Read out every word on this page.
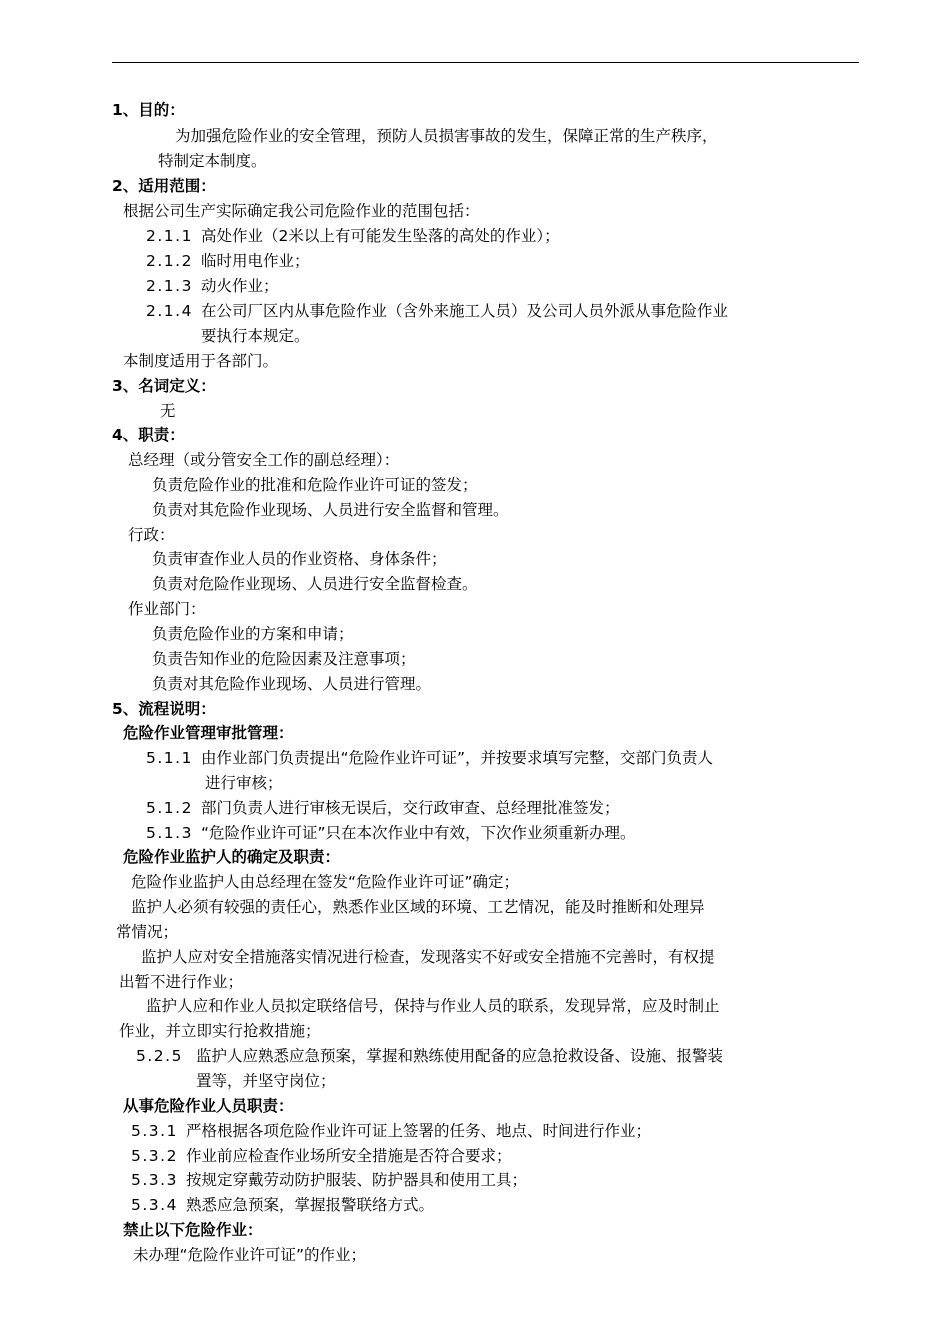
1、目的：
为加强危险作业的安全管理，预防人员损害事故的发生，保障正常的生产秩序，
特制定本制度。
2、适用范围：
根据公司生产实际确定我公司危险作业的范围包括：
2.1.1 高处作业（2米以上有可能发生坠落的高处的作业）；
2.1.2 临时用电作业；
2.1.3 动火作业；
2.1.4 在公司厂区内从事危险作业（含外来施工人员）及公司人员外派从事危险作业
要执行本规定。
本制度适用于各部门。
3、名词定义：
无
4、职责：
总经理（或分管安全工作的副总经理）：
负责危险作业的批准和危险作业许可证的签发；
负责对其危险作业现场、人员进行安全监督和管理。
行政：
负责审查作业人员的作业资格、身体条件；
负责对危险作业现场、人员进行安全监督检查。
作业部门：
负责危险作业的方案和申请；
负责告知作业的危险因素及注意事项；
负责对其危险作业现场、人员进行管理。
5、流程说明：
危险作业管理审批管理：
5.1.1 由作业部门负责提出“危险作业许可证”，并按要求填写完整，交部门负责人
进行审核；
5.1.2 部门负责人进行审核无误后，交行政审查、总经理批准签发；
5.1.3 “危险作业许可证”只在本次作业中有效，下次作业须重新办理。
危险作业监护人的确定及职责：
危险作业监护人由总经理在签发“危险作业许可证”确定；
监护人必须有较强的责任心，熟悉作业区域的环境、工艺情况，能及时推断和处理异
常情况；
监护人应对安全措施落实情况进行检查，发现落实不好或安全措施不完善时，有权提
出暂不进行作业；
监护人应和作业人员拟定联络信号，保持与作业人员的联系，发现异常，应及时制止
作业，并立即实行抢救措施；
5.2.5 监护人应熟悉应急预案，掌握和熟练使用配备的应急抢救设备、设施、报警装
置等，并坚守岗位；
从事危险作业人员职责：
5.3.1 严格根据各项危险作业许可证上签署的任务、地点、时间进行作业；
5.3.2 作业前应检查作业场所安全措施是否符合要求；
5.3.3 按规定穿戴劳动防护服装、防护器具和使用工具；
5.3.4 熟悉应急预案，掌握报警联络方式。
禁止以下危险作业：
未办理“危险作业许可证”的作业；
